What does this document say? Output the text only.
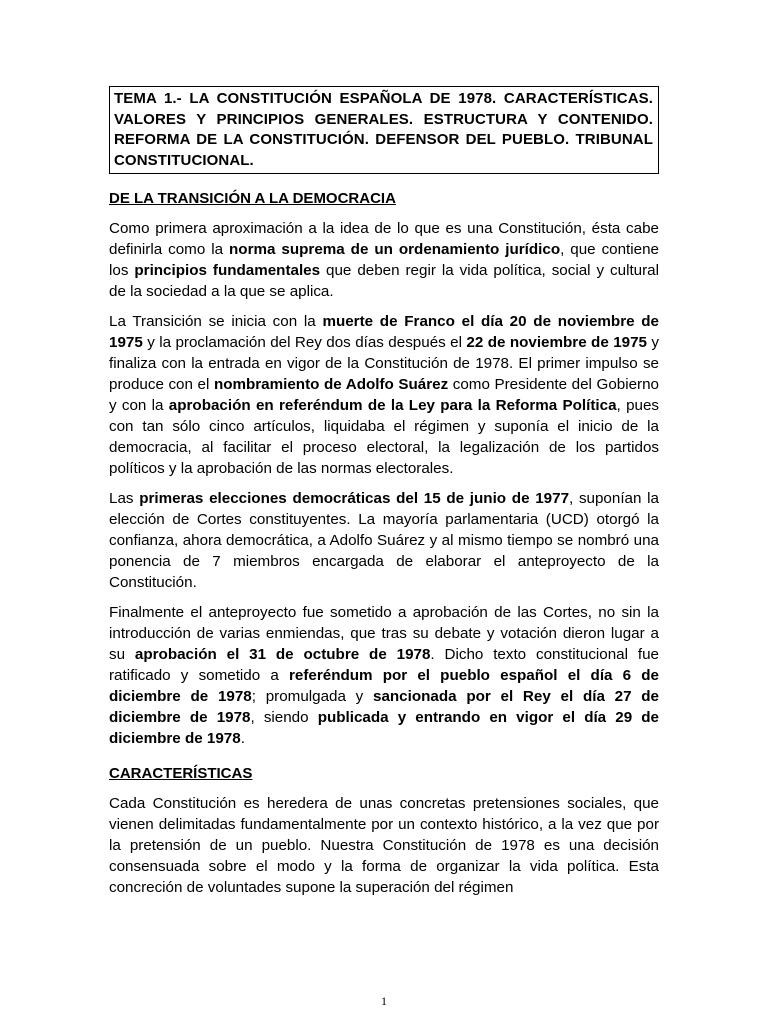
TEMA 1.- LA CONSTITUCIÓN ESPAÑOLA DE 1978. CARACTERÍSTICAS. VALORES Y PRINCIPIOS GENERALES. ESTRUCTURA Y CONTENIDO. REFORMA DE LA CONSTITUCIÓN. DEFENSOR DEL PUEBLO. TRIBUNAL CONSTITUCIONAL.
DE LA TRANSICIÓN A LA DEMOCRACIA

Como primera aproximación a la idea de lo que es una Constitución, ésta cabe definirla como la norma suprema de un ordenamiento jurídico, que contiene los principios fundamentales que deben regir la vida política, social y cultural de la sociedad a la que se aplica.

La Transición se inicia con la muerte de Franco el día 20 de noviembre de 1975 y la proclamación del Rey dos días después el 22 de noviembre de 1975 y finaliza con la entrada en vigor de la Constitución de 1978. El primer impulso se produce con el nombramiento de Adolfo Suárez como Presidente del Gobierno y con la aprobación en referéndum de la Ley para la Reforma Política, pues con tan sólo cinco artículos, liquidaba el régimen y suponía el inicio de la democracia, al facilitar el proceso electoral, la legalización de los partidos políticos y la aprobación de las normas electorales.

Las primeras elecciones democráticas del 15 de junio de 1977, suponían la elección de Cortes constituyentes. La mayoría parlamentaria (UCD) otorgó la confianza, ahora democrática, a Adolfo Suárez y al mismo tiempo se nombró una ponencia de 7 miembros encargada de elaborar el anteproyecto de la Constitución.

Finalmente el anteproyecto fue sometido a aprobación de las Cortes, no sin la introducción de varias enmiendas, que tras su debate y votación dieron lugar a su aprobación el 31 de octubre de 1978. Dicho texto constitucional fue ratificado y sometido a referéndum por el pueblo español el día 6 de diciembre de 1978; promulgada y sancionada por el Rey el día 27 de diciembre de 1978, siendo publicada y entrando en vigor el día 29 de diciembre de 1978.

CARACTERÍSTICAS

Cada Constitución es heredera de unas concretas pretensiones sociales, que vienen delimitadas fundamentalmente por un contexto histórico, a la vez que por la pretensión de un pueblo. Nuestra Constitución de 1978 es una decisión consensuada sobre el modo y la forma de organizar la vida política. Esta concreción de voluntades supone la superación del régimen

1
